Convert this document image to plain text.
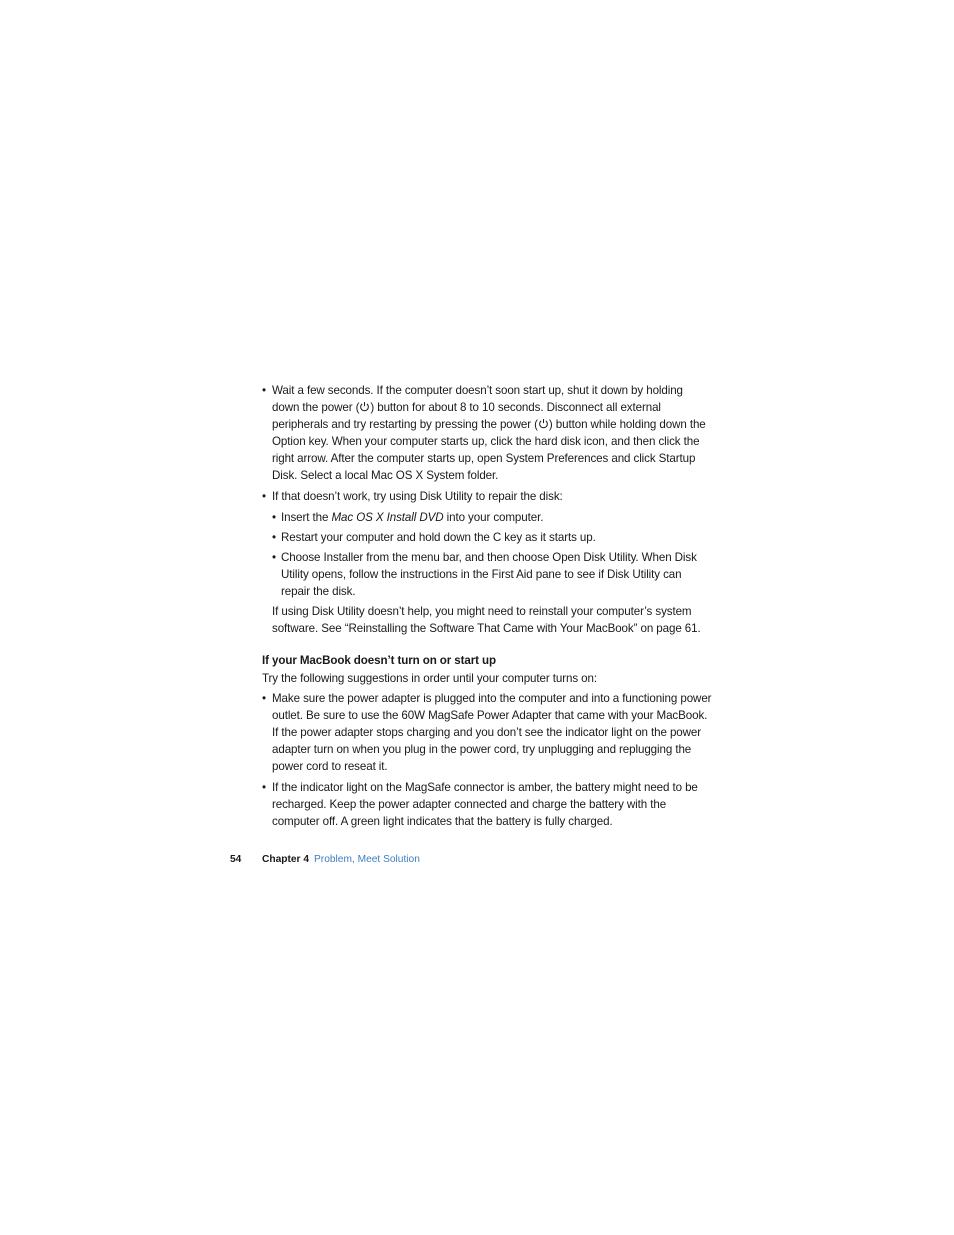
• Wait a few seconds. If the computer doesn’t soon start up, shut it down by holding down the power ( ) button for about 8 to 10 seconds. Disconnect all external peripherals and try restarting by pressing the power ( ) button while holding down the Option key. When your computer starts up, click the hard disk icon, and then click the right arrow. After the computer starts up, open System Preferences and click Startup Disk. Select a local Mac OS X System folder.
• If that doesn’t work, try using Disk Utility to repair the disk:
• Insert the Mac OS X Install DVD into your computer.
• Restart your computer and hold down the C key as it starts up.
• Choose Installer from the menu bar, and then choose Open Disk Utility. When Disk Utility opens, follow the instructions in the First Aid pane to see if Disk Utility can repair the disk.

If using Disk Utility doesn’t help, you might need to reinstall your computer’s system software. See “Reinstalling the Software That Came with Your MacBook” on page 61.

If your MacBook doesn’t turn on or start up

Try the following suggestions in order until your computer turns on:

• Make sure the power adapter is plugged into the computer and into a functioning power outlet. Be sure to use the 60W MagSafe Power Adapter that came with your MacBook. If the power adapter stops charging and you don’t see the indicator light on the power adapter turn on when you plug in the power cord, try unplugging and replugging the power cord to reseat it.
• If the indicator light on the MagSafe connector is amber, the battery might need to be recharged. Keep the power adapter connected and charge the battery with the computer off. A green light indicates that the battery is fully charged.
54 Chapter 4 Problem, Meet Solution
